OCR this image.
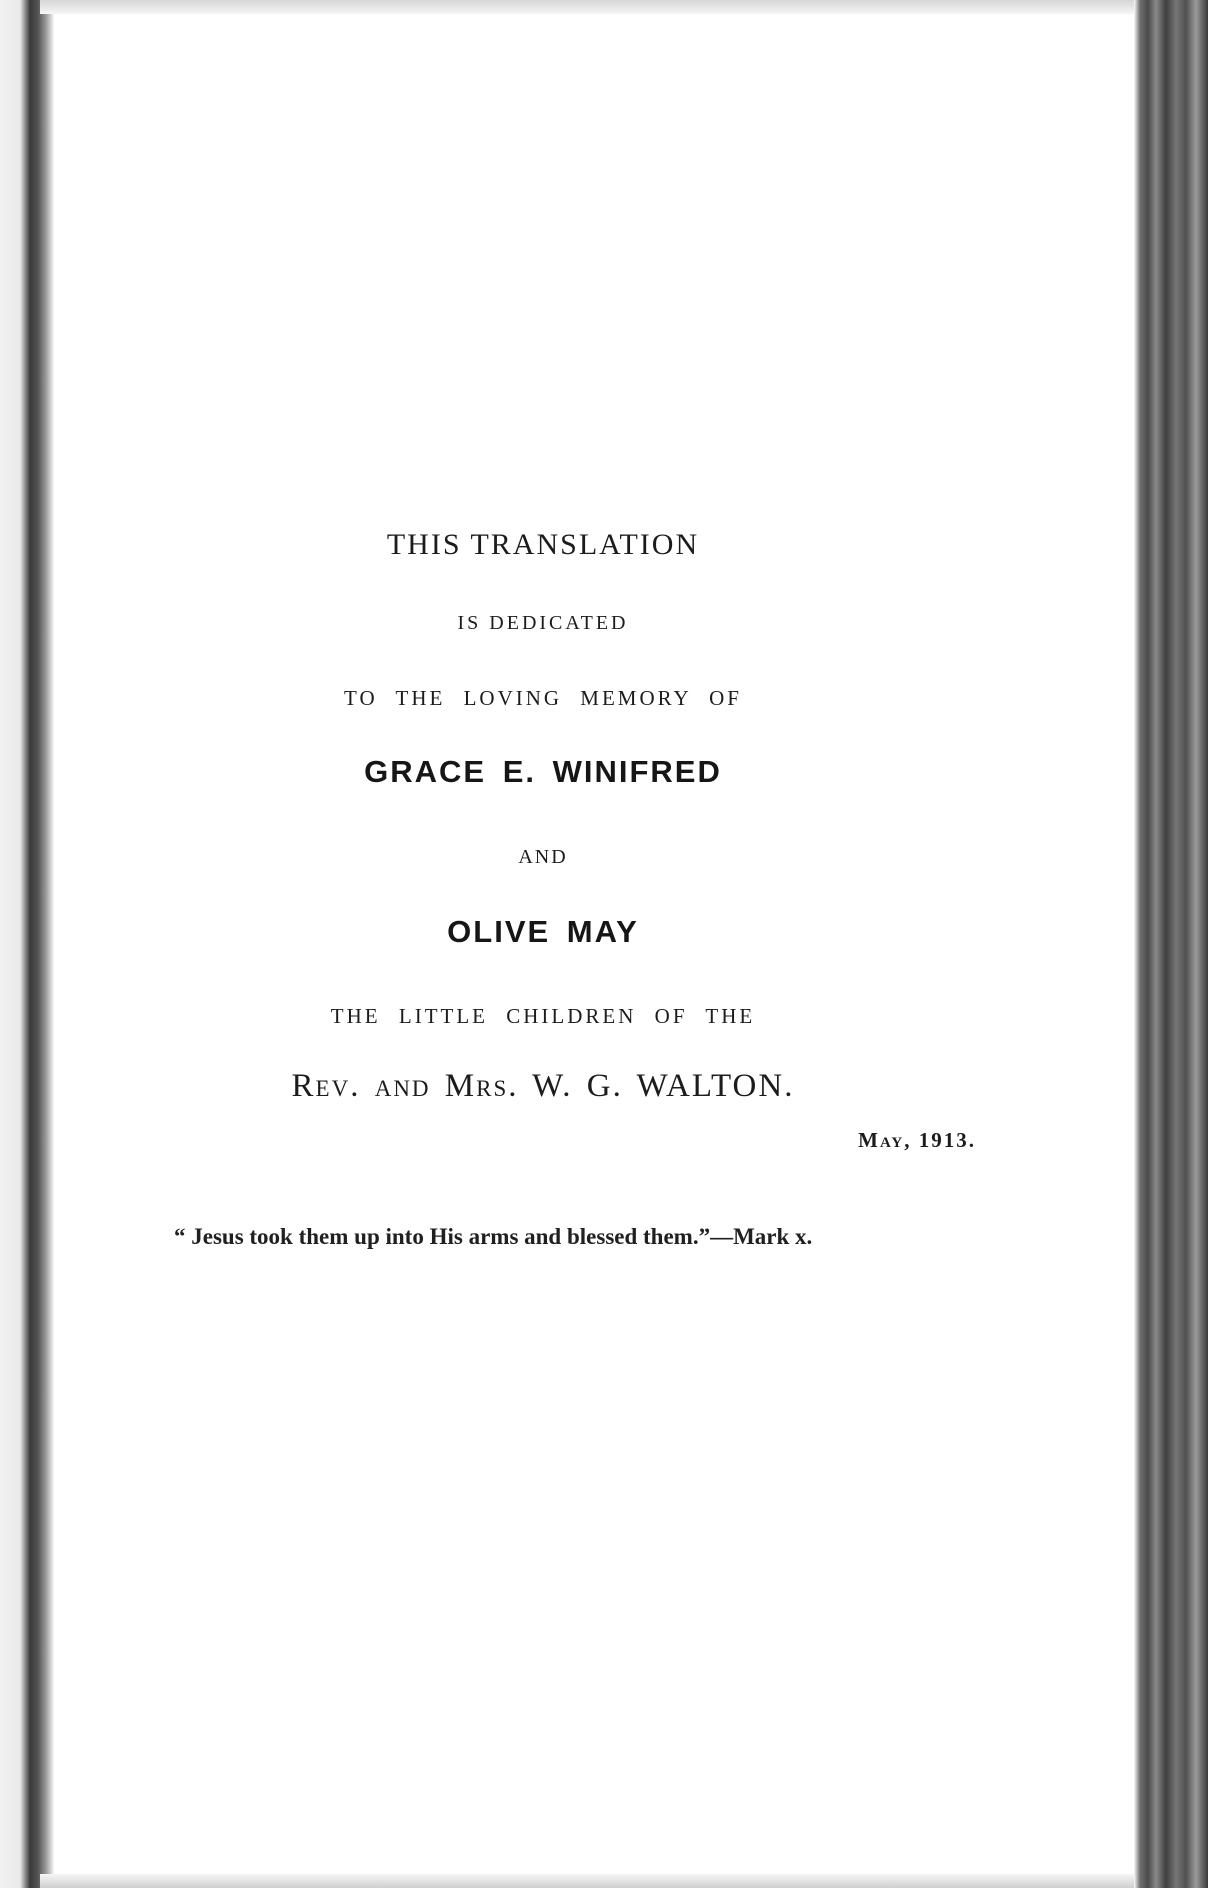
THIS TRANSLATION
IS DEDICATED
TO THE LOVING MEMORY OF
GRACE E. WINIFRED
AND
OLIVE MAY
THE LITTLE CHILDREN OF THE
Rev. and Mrs. W. G. WALTON.
May, 1913.
“ Jesus took them up into His arms and blessed them.”—Mark x.
